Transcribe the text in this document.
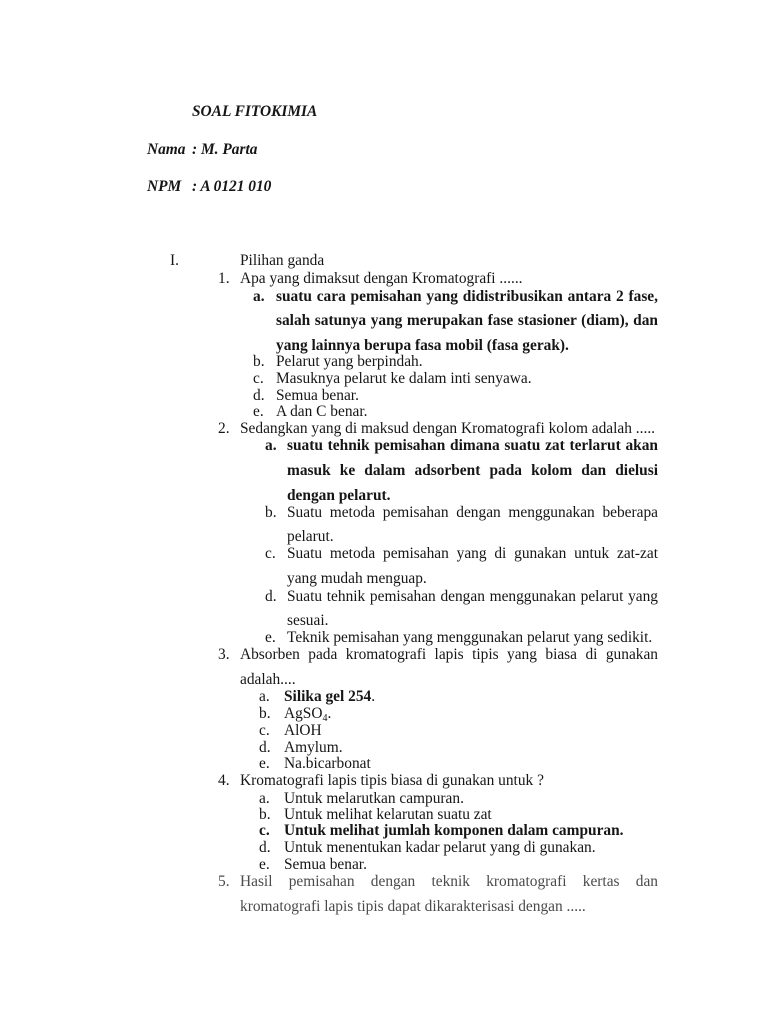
SOAL FITOKIMIA
Nama : M. Parta
NPM : A 0121 010
I.	Pilihan ganda
1. Apa yang dimaksut dengan Kromatografi ......
a. suatu cara pemisahan yang didistribusikan antara 2 fase,
salah satunya yang merupakan fase stasioner (diam), dan
yang lainnya berupa fasa mobil (fasa gerak).
b. Pelarut yang berpindah.
c. Masuknya pelarut ke dalam inti senyawa.
d. Semua benar.
e. A dan C benar.
2. Sedangkan yang di maksud dengan Kromatografi kolom adalah .....
a. suatu tehnik pemisahan dimana suatu zat terlarut akan
masuk ke dalam adsorbent pada kolom dan dielusi
dengan pelarut.
b. Suatu metoda pemisahan dengan menggunakan beberapa
pelarut.
c. Suatu metoda pemisahan yang di gunakan untuk zat-zat
yang mudah menguap.
d. Suatu tehnik pemisahan dengan menggunakan pelarut yang
sesuai.
e. Teknik pemisahan yang menggunakan pelarut yang sedikit.
3. Absorben pada kromatografi lapis tipis yang biasa di gunakan
adalah....
a. Silika gel 254.
b. AgSO$_4$.
c. AlOH
d. Amylum.
e. Na.bicarbonat
4. Kromatografi lapis tipis biasa di gunakan untuk ?
a. Untuk melarutkan campuran.
b. Untuk melihat kelarutan suatu zat
c. Untuk melihat jumlah komponen dalam campuran.
d. Untuk menentukan kadar pelarut yang di gunakan.
e. Semua benar.
5. Hasil pemisahan dengan teknik kromatografi kertas dan
kromatografi lapis tipis dapat dikarakterisasi dengan .....
